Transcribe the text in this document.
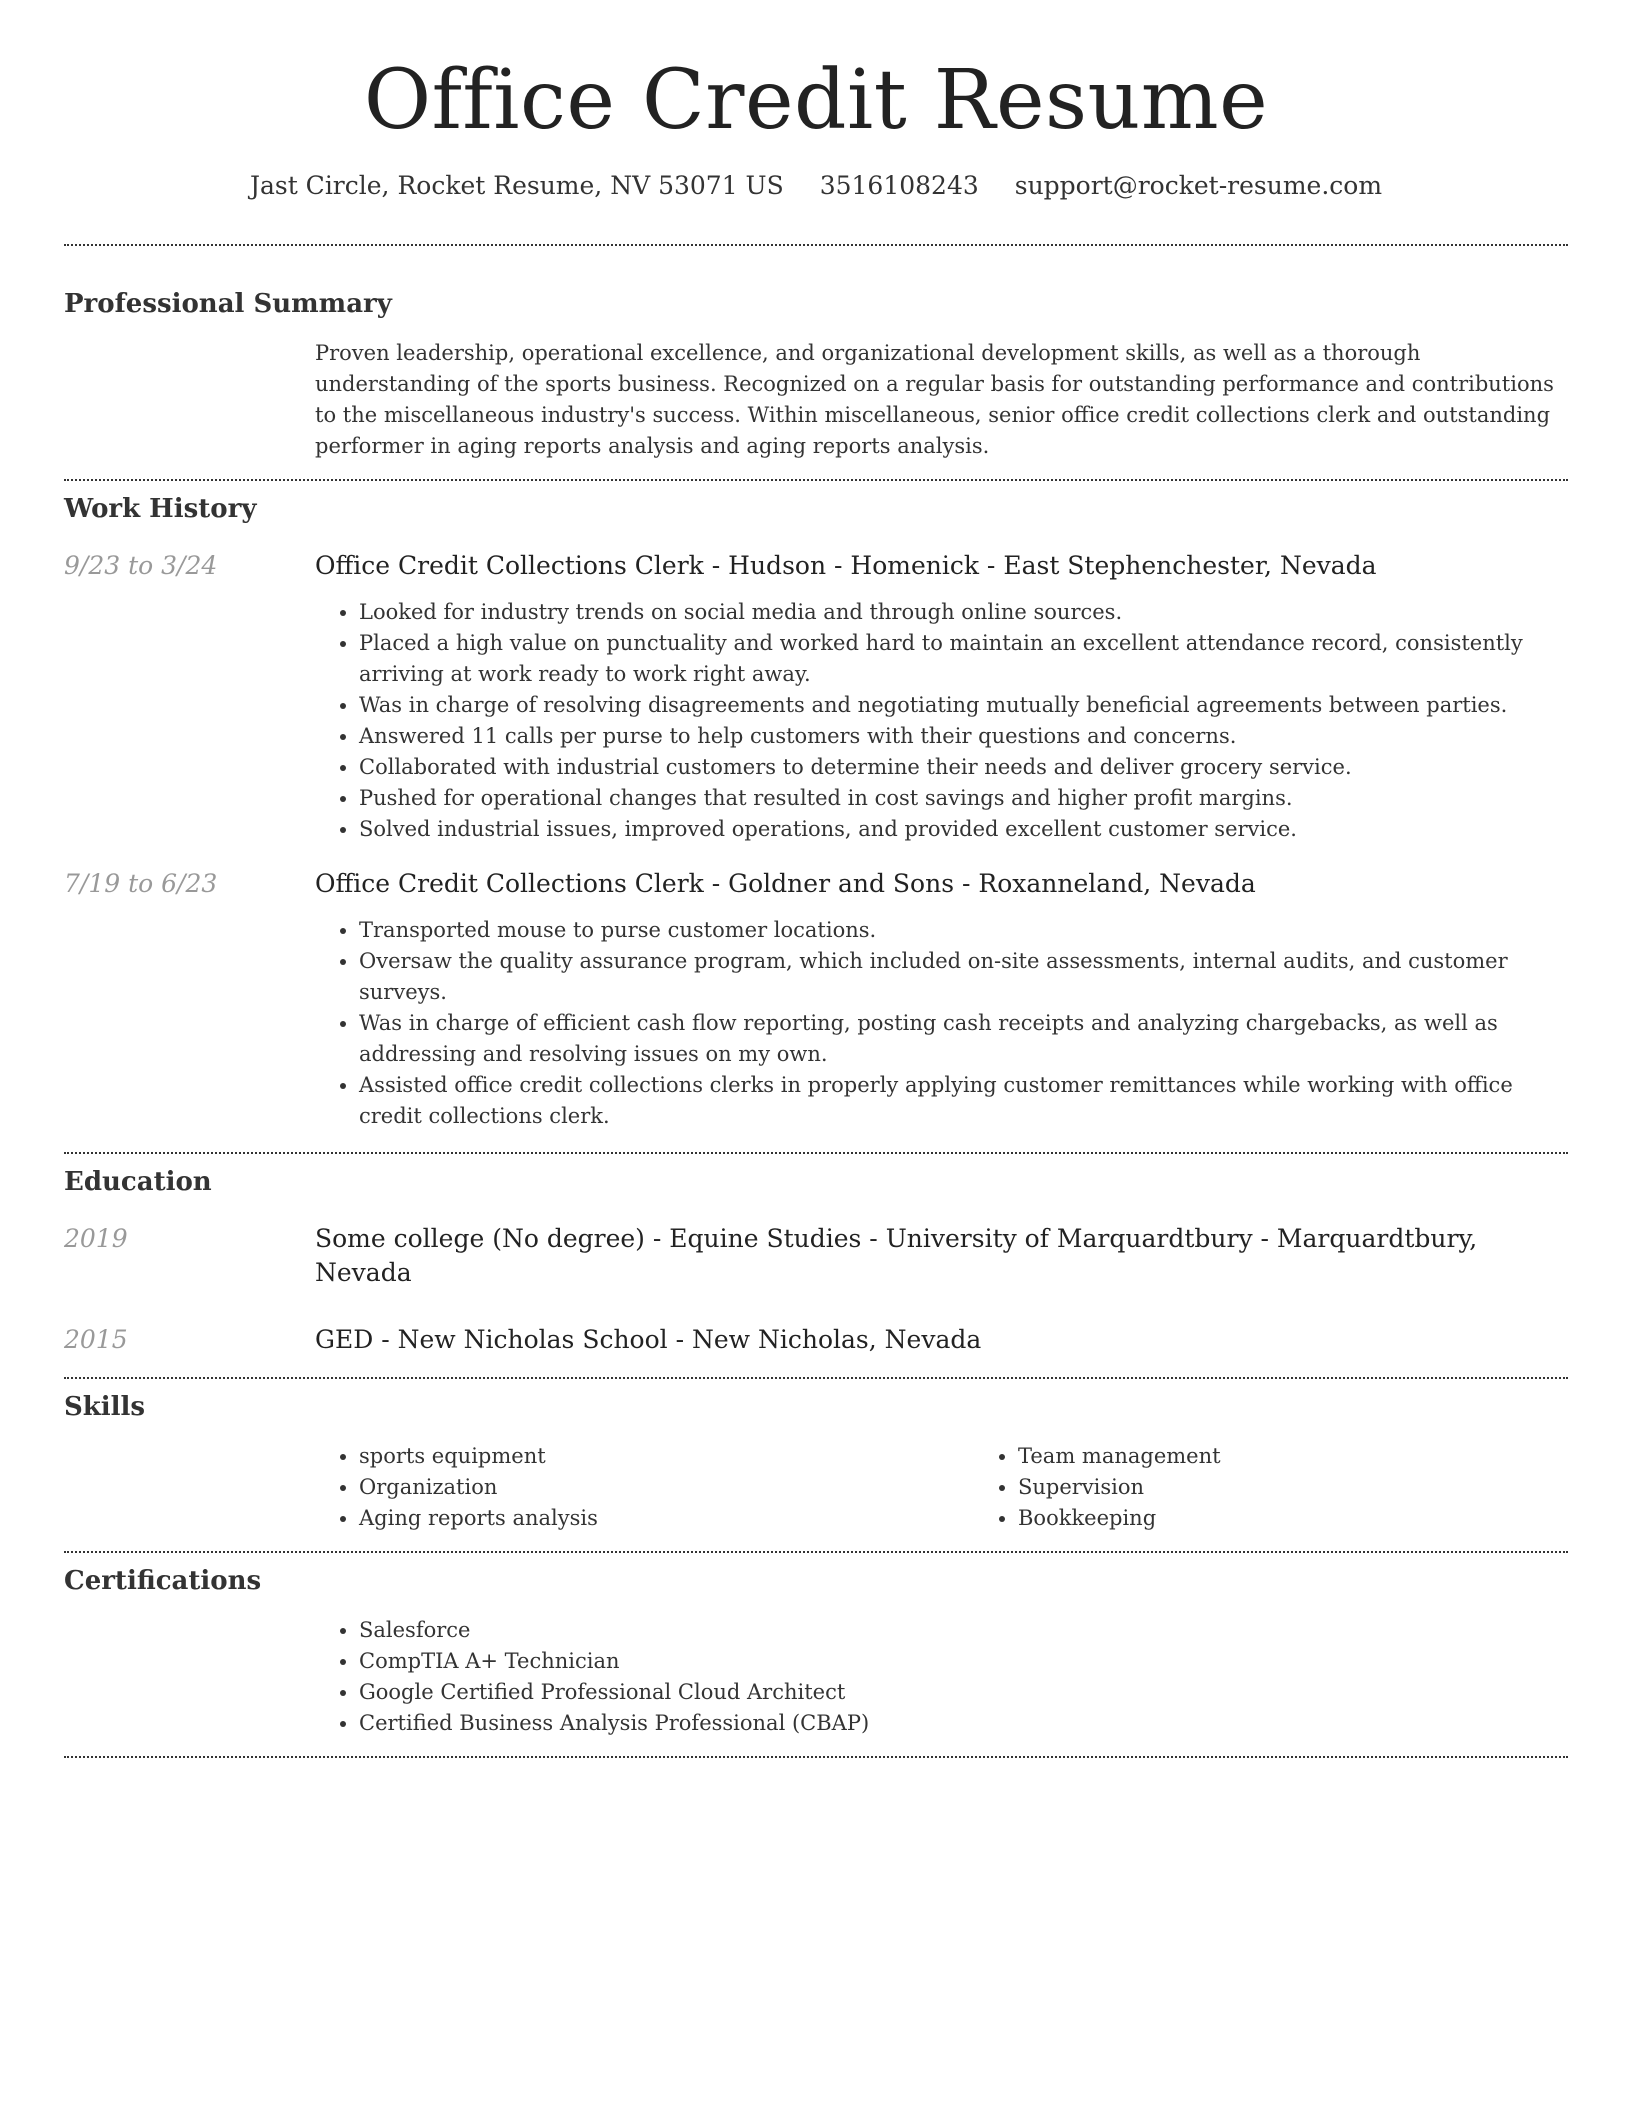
Office Credit Resume
Jast Circle, Rocket Resume, NV 53071 US 3516108243 support@rocket-resume.com
Professional Summary
Proven leadership, operational excellence, and organizational development skills, as well as a thorough understanding of the sports business. Recognized on a regular basis for outstanding performance and contributions to the miscellaneous industry's success. Within miscellaneous, senior office credit collections clerk and outstanding performer in aging reports analysis and aging reports analysis.
Work History
9/23 to 3/24	Office Credit Collections Clerk - Hudson - Homenick - East Stephenchester, Nevada
• Looked for industry trends on social media and through online sources.
• Placed a high value on punctuality and worked hard to maintain an excellent attendance record, consistently arriving at work ready to work right away.
• Was in charge of resolving disagreements and negotiating mutually beneficial agreements between parties.
• Answered 11 calls per purse to help customers with their questions and concerns.
• Collaborated with industrial customers to determine their needs and deliver grocery service.
• Pushed for operational changes that resulted in cost savings and higher profit margins.
• Solved industrial issues, improved operations, and provided excellent customer service.
7/19 to 6/23	Office Credit Collections Clerk - Goldner and Sons - Roxanneland, Nevada
• Transported mouse to purse customer locations.
• Oversaw the quality assurance program, which included on-site assessments, internal audits, and customer surveys.
• Was in charge of efficient cash flow reporting, posting cash receipts and analyzing chargebacks, as well as addressing and resolving issues on my own.
• Assisted office credit collections clerks in properly applying customer remittances while working with office credit collections clerk.
Education
2019	Some college (No degree) - Equine Studies - University of Marquardtbury - Marquardtbury, Nevada
2015	GED - New Nicholas School - New Nicholas, Nevada
Skills
• sports equipment
• Organization
• Aging reports analysis
• Team management
• Supervision
• Bookkeeping
Certifications
• Salesforce
• CompTIA A+ Technician
• Google Certified Professional Cloud Architect
• Certified Business Analysis Professional (CBAP)
